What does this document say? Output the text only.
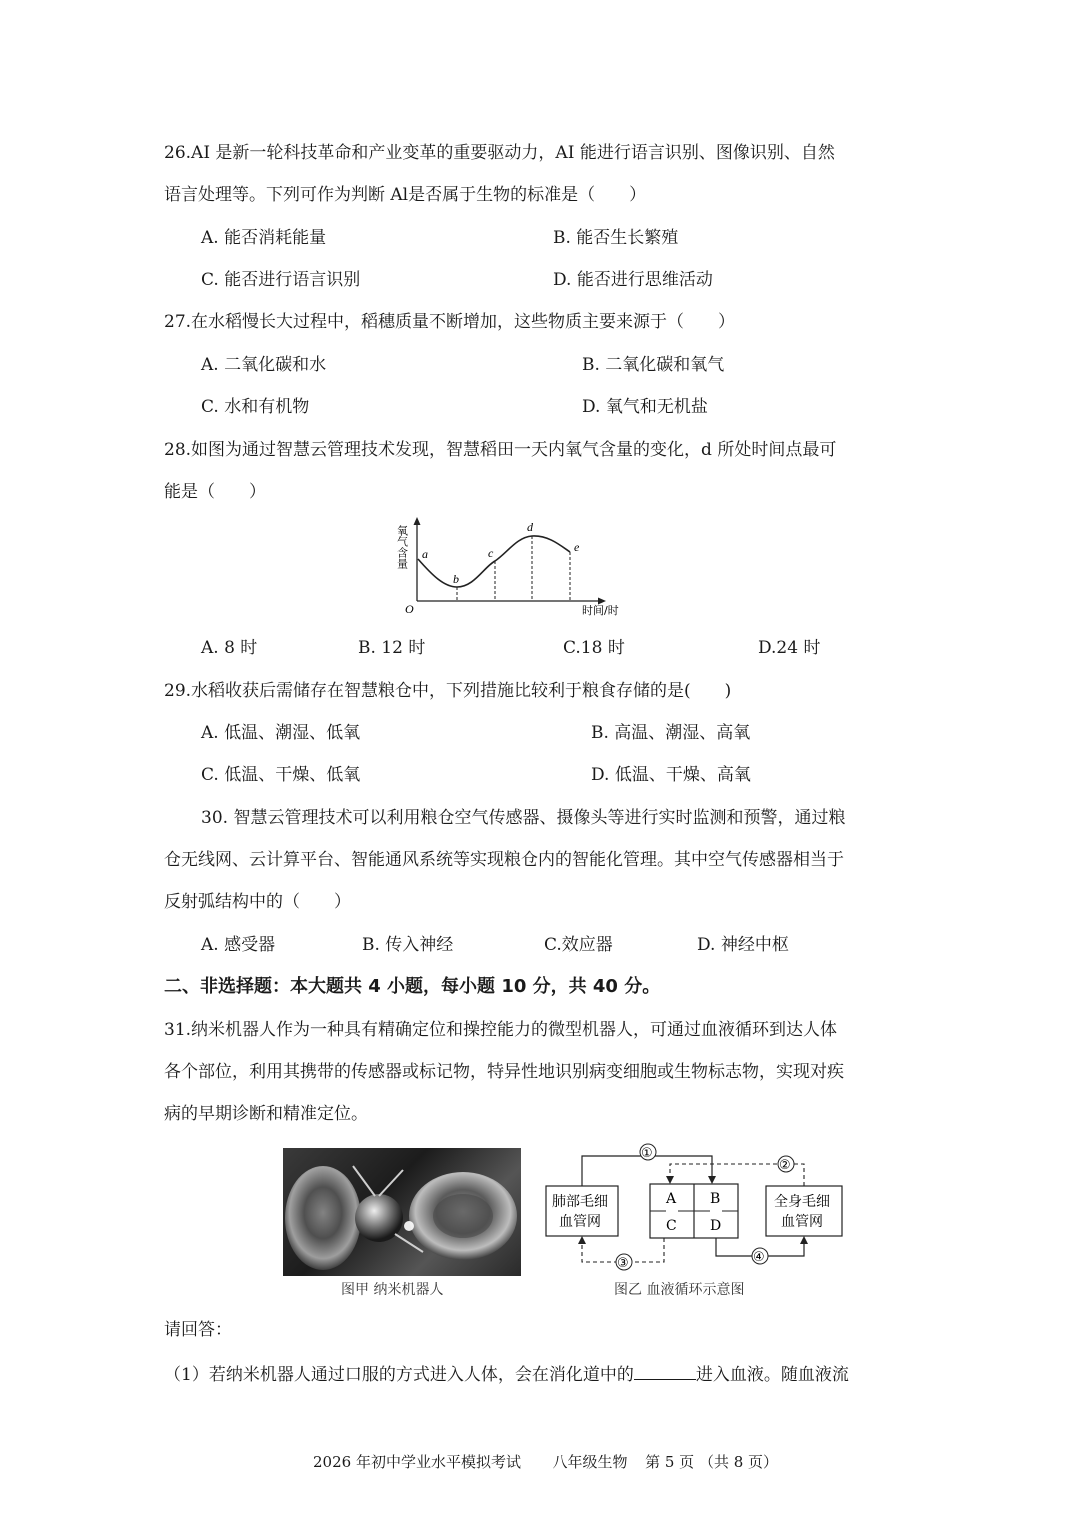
26.AI 是新一轮科技革命和产业变革的重要驱动力，AI 能进行语言识别、图像识别、自然
语言处理等。下列可作为判断 Al是否属于生物的标准是（　　）
A. 能否消耗能量	B. 能否生长繁殖
C. 能否进行语言识别	D. 能否进行思维活动
27.在水稻慢长大过程中，稻穗质量不断增加，这些物质主要来源于（　　）
A. 二氧化碳和水	B. 二氧化碳和氧气
C. 水和有机物	D. 氧气和无机盐
28.如图为通过智慧云管理技术发现，智慧稻田一天内氧气含量的变化，d 所处时间点最可
能是（　　）
a
b
c
d
e
O	时间/时
氧气含量
A. 8 时	B. 12 时	C.18 时	D.24 时
29.水稻收获后需储存在智慧粮仓中，下列措施比较利于粮食存储的是(　　)
A. 低温、潮湿、低氧	B. 高温、潮湿、高氧
C. 低温、干燥、低氧	D. 低温、干燥、高氧
30. 智慧云管理技术可以利用粮仓空气传感器、摄像头等进行实时监测和预警，通过粮
仓无线网、云计算平台、智能通风系统等实现粮仓内的智能化管理。其中空气传感器相当于
反射弧结构中的（　　）
A. 感受器	B. 传入神经	C.效应器	D. 神经中枢
二、非选择题：本大题共 4 小题，每小题 10 分，共 40 分。
31.纳米机器人作为一种具有精确定位和操控能力的微型机器人，可通过血液循环到达人体
各个部位，利用其携带的传感器或标记物，特异性地识别病变细胞或生物标志物，实现对疾
病的早期诊断和精准定位。
图甲 纳米机器人
肺部毛细
血管网
全身毛细
血管网
A B
C D
①
②
③	④
图乙 血液循环示意图
请回答：
（1）若纳米机器人通过口服的方式进入人体，会在消化道中的	进入血液。随血液流
2026 年初中学业水平模拟考试 八年级生物 第 5 页 （共 8 页）
